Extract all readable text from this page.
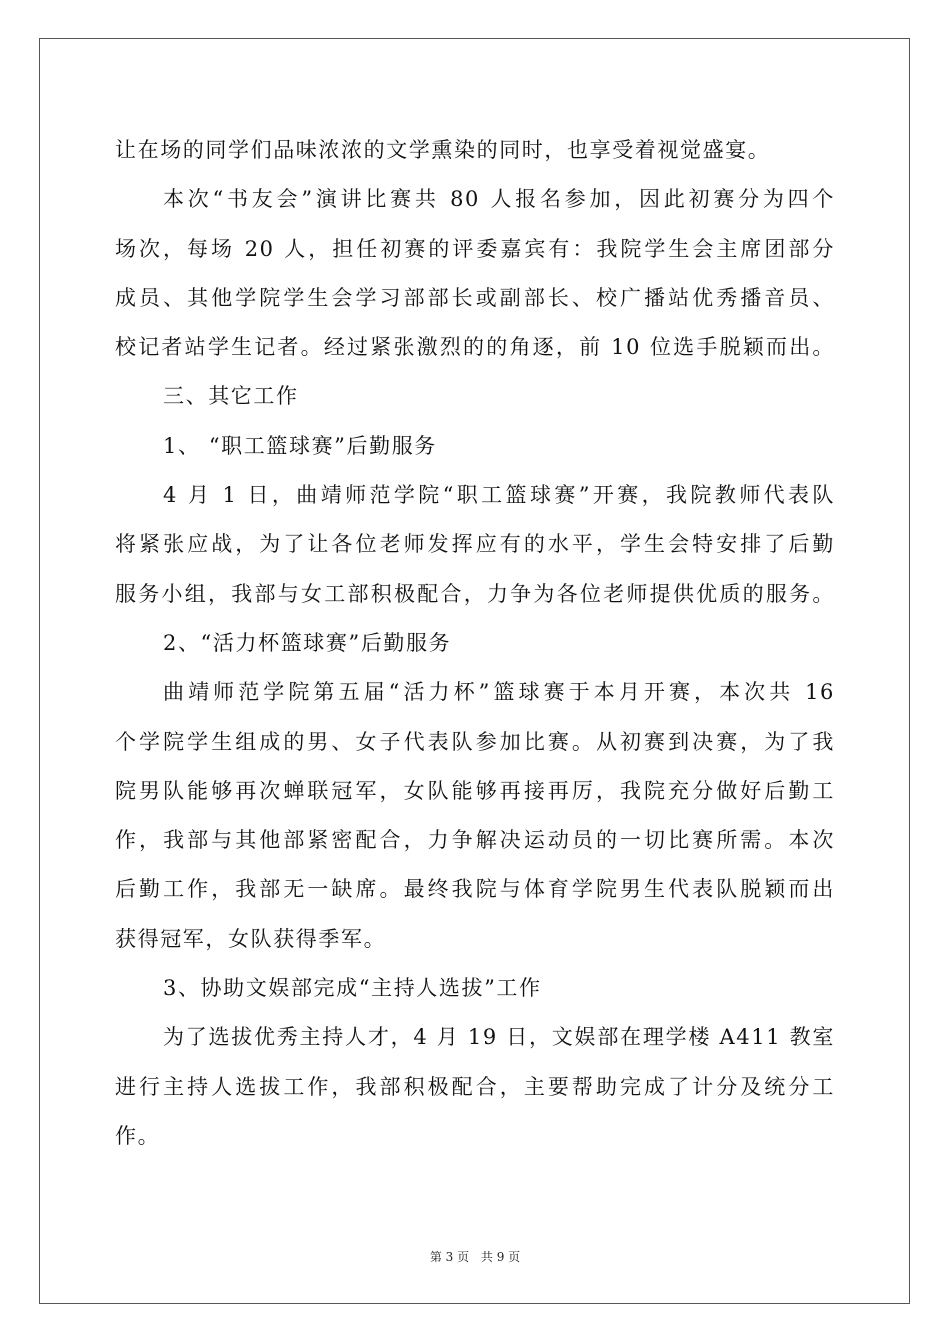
让在场的同学们品味浓浓的文学熏染的同时，也享受着视觉盛宴。
本次“书友会”演讲比赛共 80 人报名参加，因此初赛分为四个
场次，每场 20 人，担任初赛的评委嘉宾有：我院学生会主席团部分
成员、其他学院学生会学习部部长或副部长、校广播站优秀播音员、
校记者站学生记者。经过紧张激烈的的角逐，前 10 位选手脱颖而出。
三、其它工作
1、 “职工篮球赛”后勤服务
4 月 1 日，曲靖师范学院“职工篮球赛”开赛，我院教师代表队
将紧张应战，为了让各位老师发挥应有的水平，学生会特安排了后勤
服务小组，我部与女工部积极配合，力争为各位老师提供优质的服务。
2、“活力杯篮球赛”后勤服务
曲靖师范学院第五届“活力杯”篮球赛于本月开赛，本次共 16
个学院学生组成的男、女子代表队参加比赛。从初赛到决赛，为了我
院男队能够再次蝉联冠军，女队能够再接再厉，我院充分做好后勤工
作，我部与其他部紧密配合，力争解决运动员的一切比赛所需。本次
后勤工作，我部无一缺席。最终我院与体育学院男生代表队脱颖而出
获得冠军，女队获得季军。
3、协助文娱部完成“主持人选拔”工作
为了选拔优秀主持人才，4 月 19 日，文娱部在理学楼 A411 教室
进行主持人选拔工作，我部积极配合，主要帮助完成了计分及统分工
作。
第 3 页 共 9 页
